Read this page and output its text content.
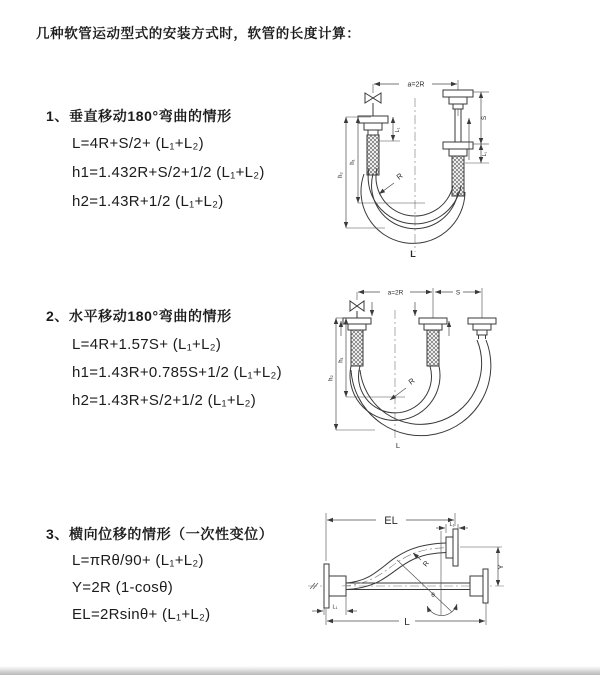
几种软管运动型式的安装方式时，软管的长度计算：
1、垂直移动180°弯曲的情形
L=4R+S/2+ (L₁+L₂)
h1=1.432R+S/2+1/2 (L₁+L₂)
h2=1.43R+1/2 (L₁+L₂)
2、水平移动180°弯曲的情形
L=4R+1.57S+ (L₁+L₂)
h1=1.43R+0.785S+1/2 (L₁+L₂)
h2=1.43R+S/2+1/2 (L₁+L₂)
3、横向位移的情形（一次性变位）
L=πRθ/90+ (L₁+L₂)
Y=2R (1-cosθ)
EL=2Rsinθ+ (L₁+L₂)
a=2R
h₁
h₂
L₁
S
L₁
R
L
a=2R	S
h₁
h₂	R
L
EL	L₁
Y
θ
R
L
L₁
